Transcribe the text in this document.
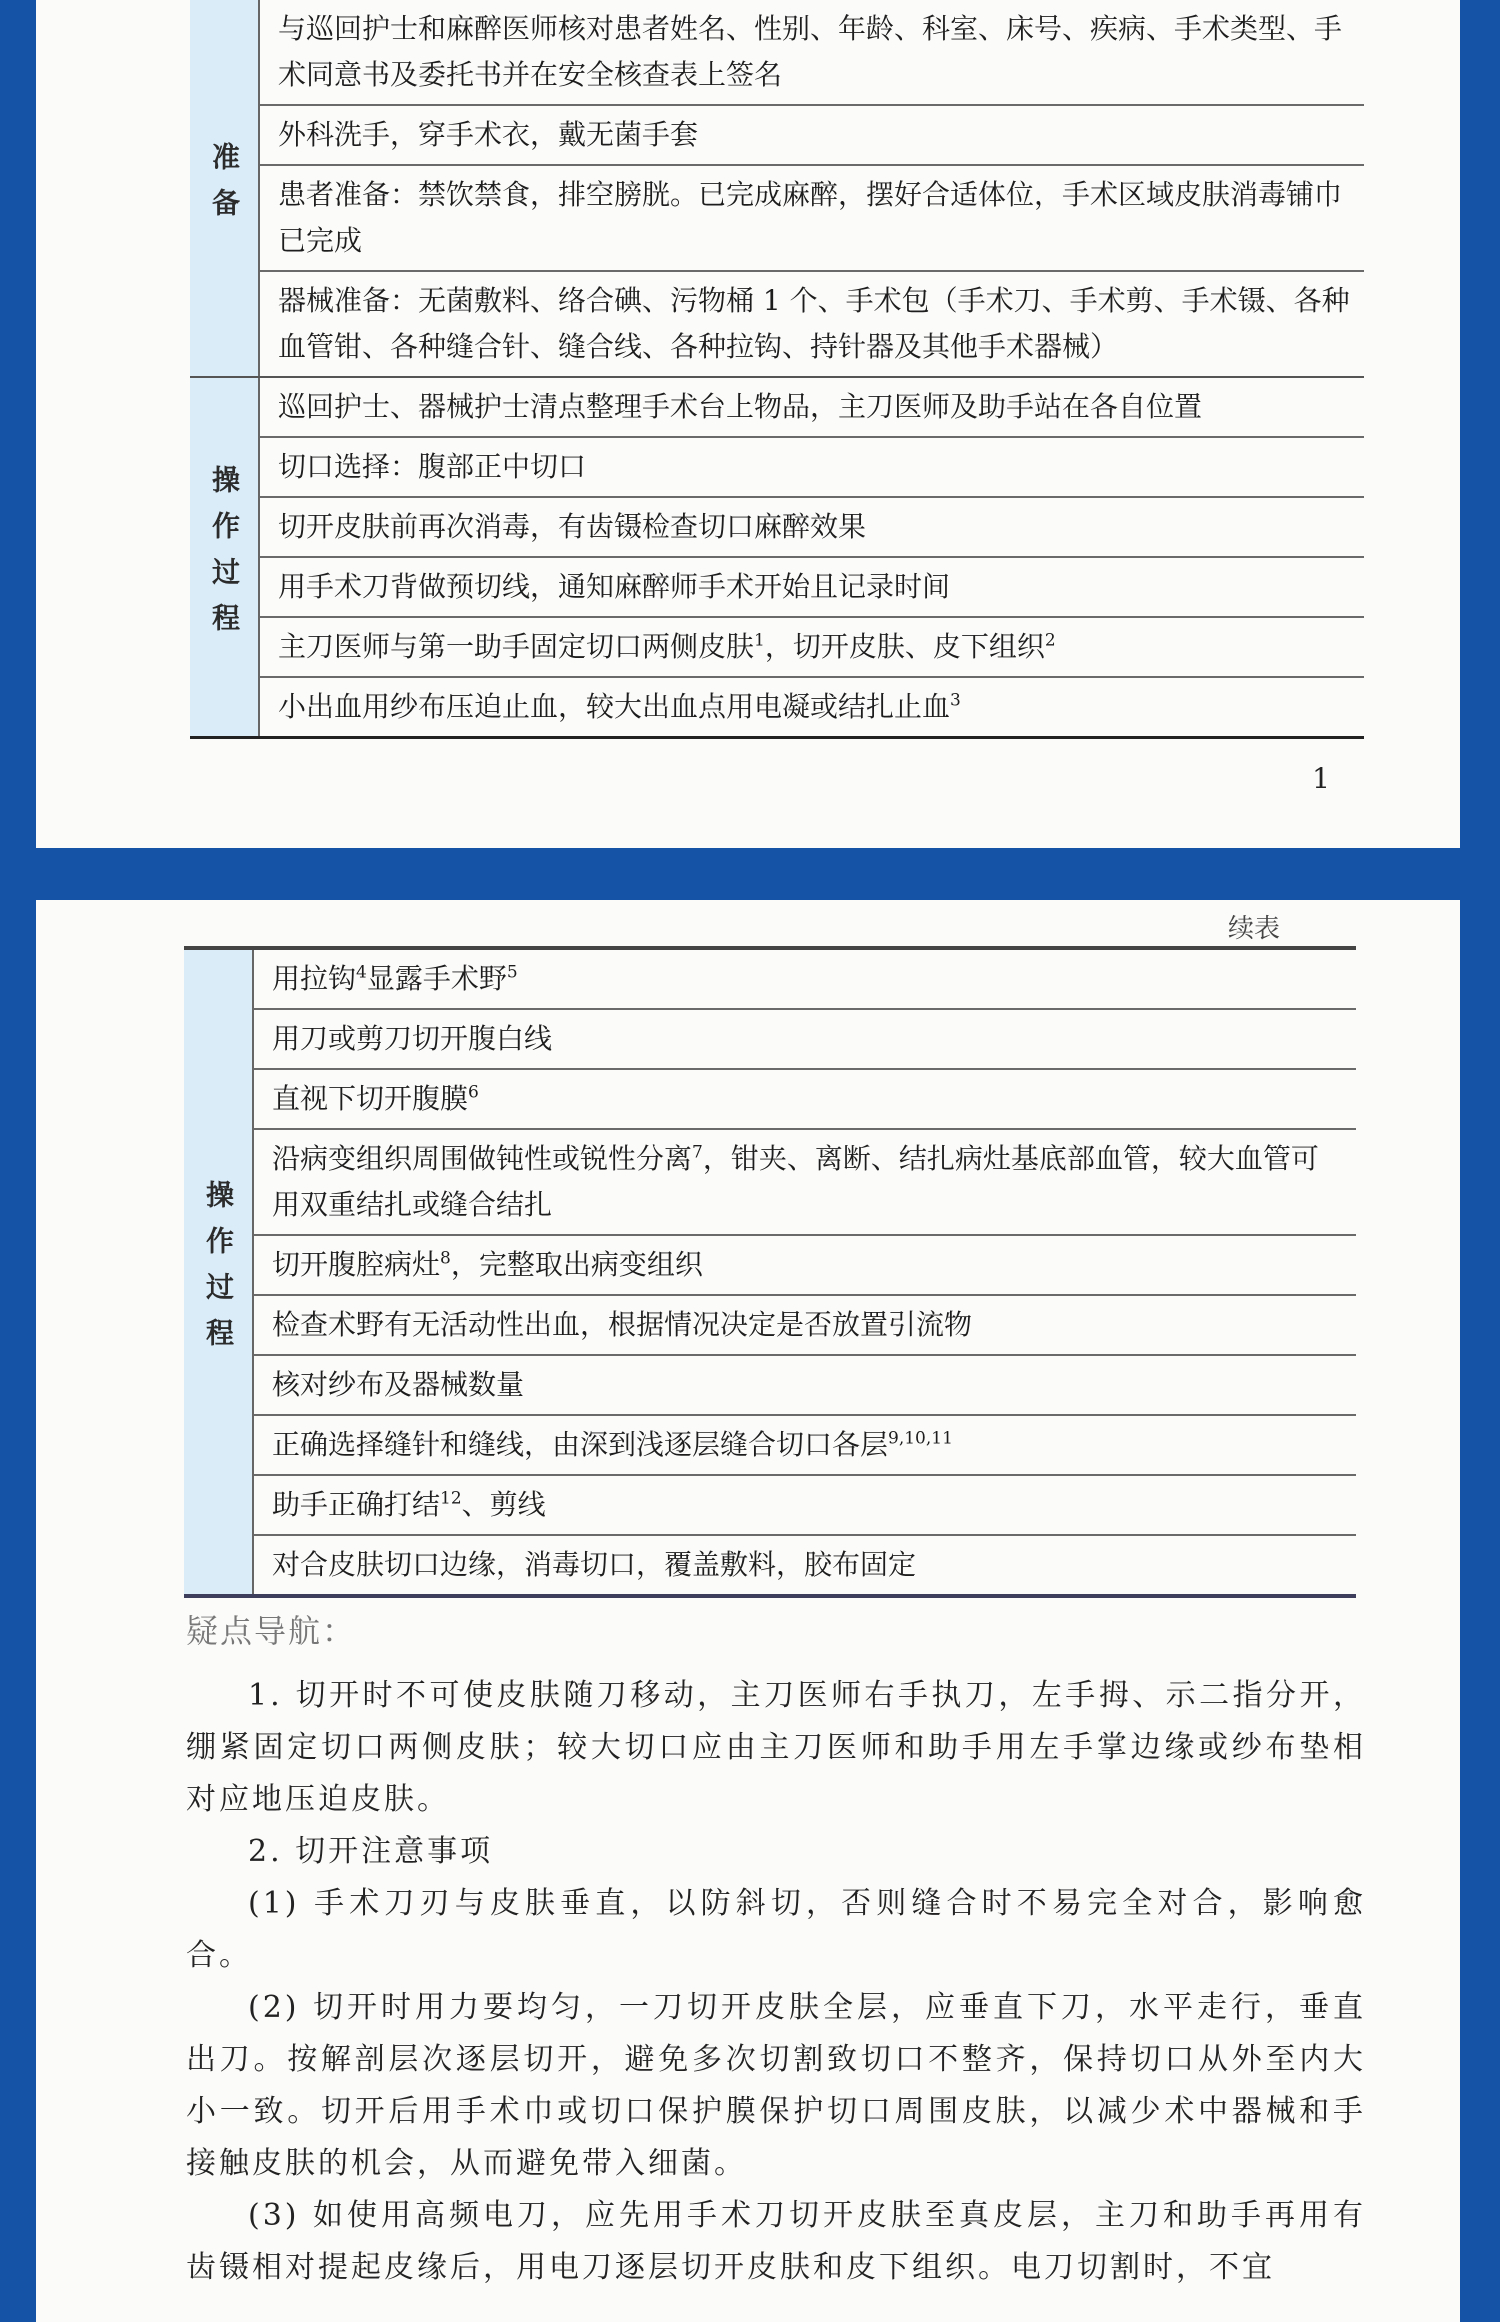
准备
与巡回护士和麻醉医师核对患者姓名、性别、年龄、科室、床号、疾病、手术类型、手术同意书及委托书并在安全核查表上签名
外科洗手，穿手术衣，戴无菌手套
患者准备：禁饮禁食，排空膀胱。已完成麻醉，摆好合适体位，手术区域皮肤消毒铺巾已完成
器械准备：无菌敷料、络合碘、污物桶 1 个、手术包（手术刀、手术剪、手术镊、各种血管钳、各种缝合针、缝合线、各种拉钩、持针器及其他手术器械）
操作过程
巡回护士、器械护士清点整理手术台上物品，主刀医师及助手站在各自位置
切口选择：腹部正中切口
切开皮肤前再次消毒，有齿镊检查切口麻醉效果
用手术刀背做预切线，通知麻醉师手术开始且记录时间
主刀医师与第一助手固定切口两侧皮肤$^1$，切开皮肤、皮下组织$^2$
小出血用纱布压迫止血，较大出血点用电凝或结扎止血$^3$
1
续表
操作过程
用拉钩$^4$显露手术野$^5$
用刀或剪刀切开腹白线
直视下切开腹膜$^6$
沿病变组织周围做钝性或锐性分离$^7$，钳夹、离断、结扎病灶基底部血管，较大血管可用双重结扎或缝合结扎
切开腹腔病灶$^8$，完整取出病变组织
检查术野有无活动性出血，根据情况决定是否放置引流物
核对纱布及器械数量
正确选择缝针和缝线，由深到浅逐层缝合切口各层$^{9,10,11}$
助手正确打结$^{12}$、剪线
对合皮肤切口边缘，消毒切口，覆盖敷料，胶布固定
疑点导航：

1. 切开时不可使皮肤随刀移动，主刀医师右手执刀，左手拇、示二指分开，绷紧固定切口两侧皮肤；较大切口应由主刀医师和助手用左手掌边缘或纱布垫相对应地压迫皮肤。

2. 切开注意事项

(1) 手术刀刃与皮肤垂直，以防斜切，否则缝合时不易完全对合，影响愈合。

(2) 切开时用力要均匀，一刀切开皮肤全层，应垂直下刀，水平走行，垂直出刀。按解剖层次逐层切开，避免多次切割致切口不整齐，保持切口从外至内大小一致。切开后用手术巾或切口保护膜保护切口周围皮肤，以减少术中器械和手接触皮肤的机会，从而避免带入细菌。

(3) 如使用高频电刀，应先用手术刀切开皮肤至真皮层，主刀和助手再用有齿镊相对提起皮缘后，用电刀逐层切开皮肤和皮下组织。电刀切割时，不宜
